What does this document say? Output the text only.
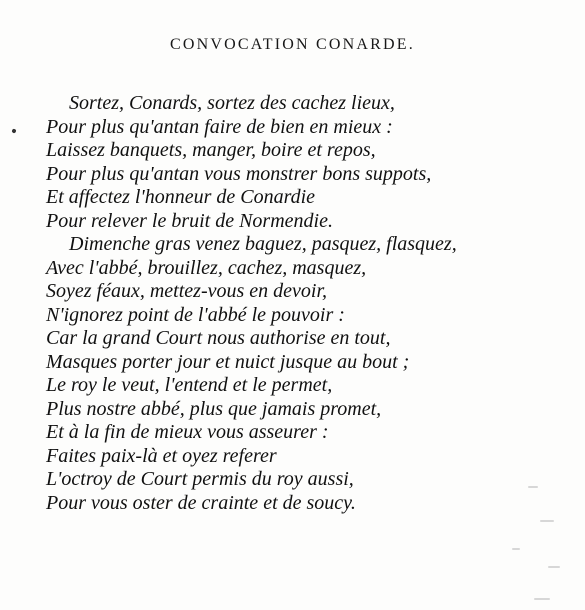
CONVOCATION CONARDE.
Sortez, Conards, sortez des cachez lieux,
Pour plus qu'antan faire de bien en mieux :
Laissez banquets, manger, boire et repos,
Pour plus qu'antan vous monstrer bons suppots,
Et affectez l'honneur de Conardie
Pour relever le bruit de Normendie.
Dimenche gras venez baguez, pasquez, flasquez,
Avec l'abbé, brouillez, cachez, masquez,
Soyez féaux, mettez-vous en devoir,
N'ignorez point de l'abbé le pouvoir :
Car la grand Court nous authorise en tout,
Masques porter jour et nuict jusque au bout ;
Le roy le veut, l'entend et le permet,
Plus nostre abbé, plus que jamais promet,
Et à la fin de mieux vous asseurer :
Faites paix-là et oyez referer
L'octroy de Court permis du roy aussi,
Pour vous oster de crainte et de soucy.
